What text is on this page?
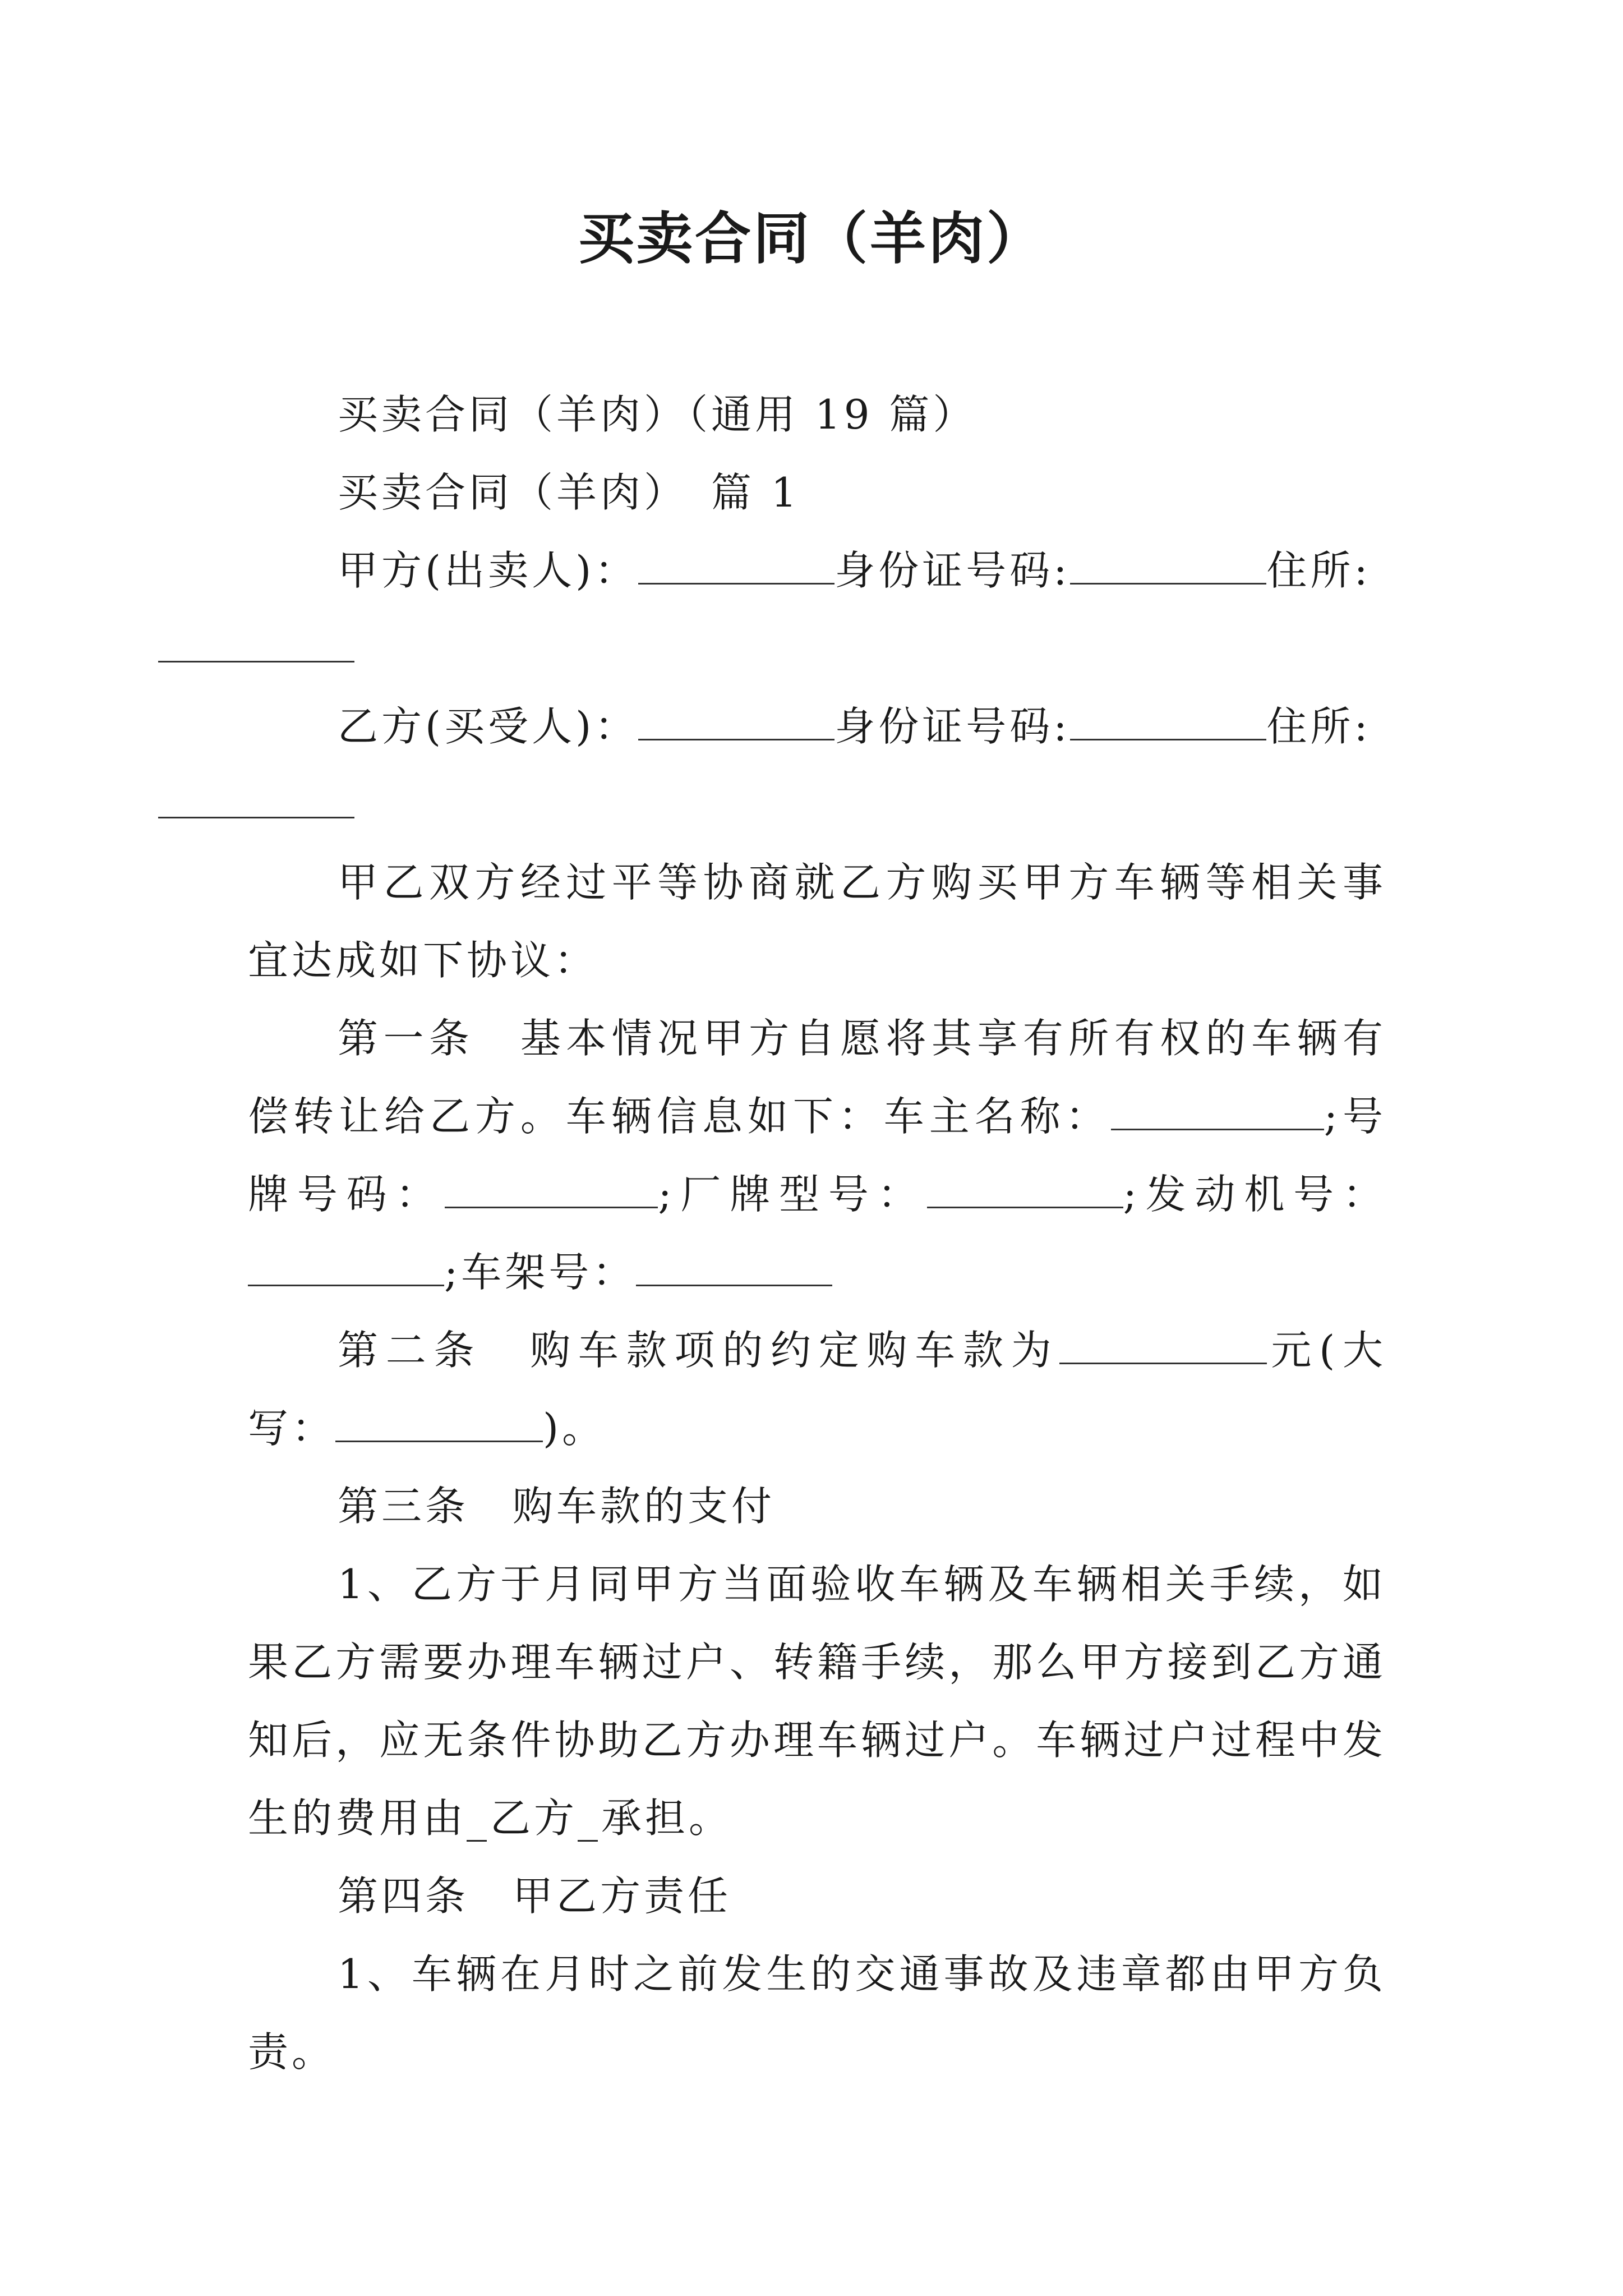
买卖合同（羊肉）

买卖合同（羊肉）（通用 19 篇）

买卖合同（羊肉）　篇 1

甲方(出卖人)：	身份证号码:	住所:

乙方(买受人)：	身份证号码:	住所:

甲乙双方经过平等协商就乙方购买甲方车辆等相关事宜达成如下协议：

第一条　基本情况甲方自愿将其享有所有权的车辆有偿转让给乙方。车辆信息如下：车主名称：	;号牌号码：	;厂牌型号：	;发动机号：;车架号：

第二条　购车款项的约定购车款为	元(大写：	)。

第三条　购车款的支付

1、乙方于月同甲方当面验收车辆及车辆相关手续，如果乙方需要办理车辆过户、转籍手续，那么甲方接到乙方通知后，应无条件协助乙方办理车辆过户。车辆过户过程中发生的费用由_乙方_承担。

第四条　甲乙方责任

1、车辆在月时之前发生的交通事故及违章都由甲方负责。
